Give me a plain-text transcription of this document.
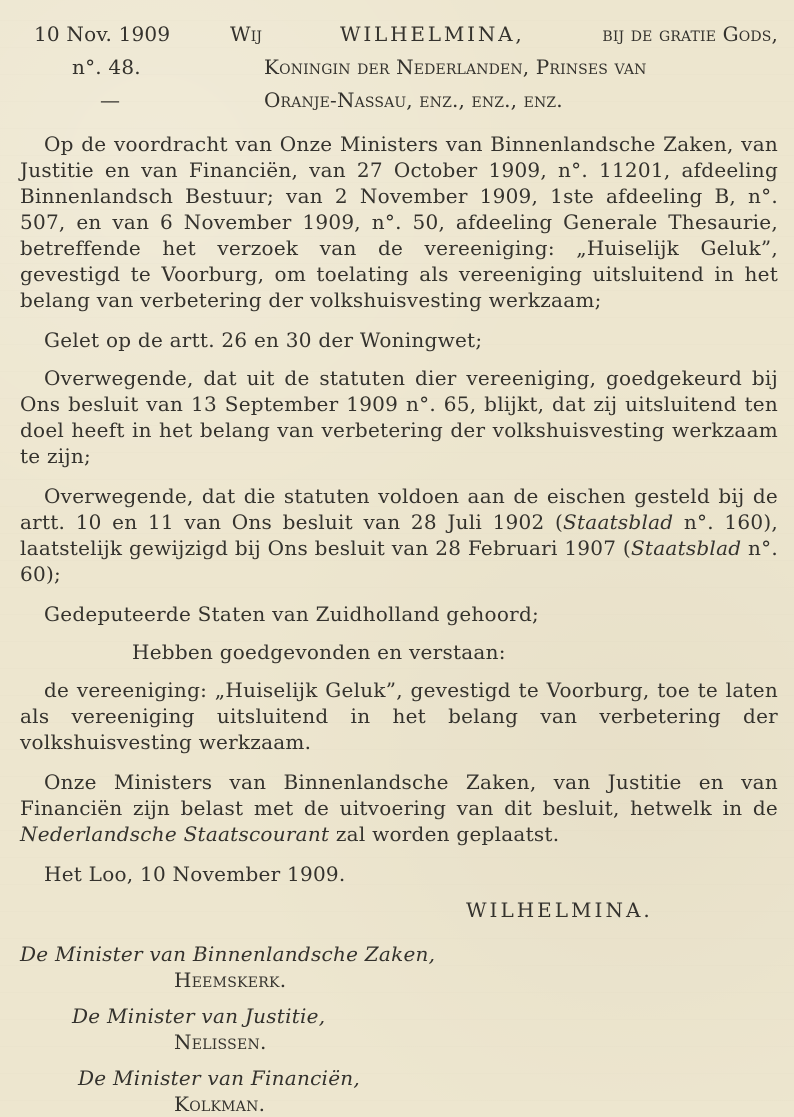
10 Nov. 1909
n°. 48.
—
Wij	WILHELMINA,	bij de gratie Gods,
Koningin der Nederlanden, Prinses van
Oranje-Nassau, enz., enz., enz.

Op de voordracht van Onze Ministers van Binnenlandsche Zaken, van Justitie en van Financiën, van 27 October 1909, n°. 11201, afdeeling Binnenlandsch Bestuur; van 2 November 1909, 1ste afdeeling B, n°. 507, en van 6 November 1909, n°. 50, afdeeling Generale Thesaurie, betreffende het verzoek van de vereeniging: „Huiselijk Geluk”, gevestigd te Voorburg, om toelating als vereeniging uitsluitend in het belang van verbetering der volkshuisvesting werkzaam;

Gelet op de artt. 26 en 30 der Woningwet;

Overwegende, dat uit de statuten dier vereeniging, goedgekeurd bij Ons besluit van 13 September 1909 n°. 65, blijkt, dat zij uitsluitend ten doel heeft in het belang van verbetering der volkshuisvesting werkzaam te zijn;

Overwegende, dat die statuten voldoen aan de eischen gesteld bij de artt. 10 en 11 van Ons besluit van 28 Juli 1902 (Staatsblad n°. 160), laatstelijk gewijzigd bij Ons besluit van 28 Februari 1907 (Staatsblad n°. 60);

Gedeputeerde Staten van Zuidholland gehoord;

Hebben goedgevonden en verstaan:

de vereeniging: „Huiselijk Geluk”, gevestigd te Voorburg, toe te laten als vereeniging uitsluitend in het belang van verbetering der volkshuisvesting werkzaam.

Onze Ministers van Binnenlandsche Zaken, van Justitie en van Financiën zijn belast met de uitvoering van dit besluit, hetwelk in de Nederlandsche Staatscourant zal worden geplaatst.

Het Loo, 10 November 1909.
WILHELMINA.
De Minister van Binnenlandsche Zaken,
Heemskerk.
De Minister van Justitie,
Nelissen.
De Minister van Financiën,
Kolkman.
